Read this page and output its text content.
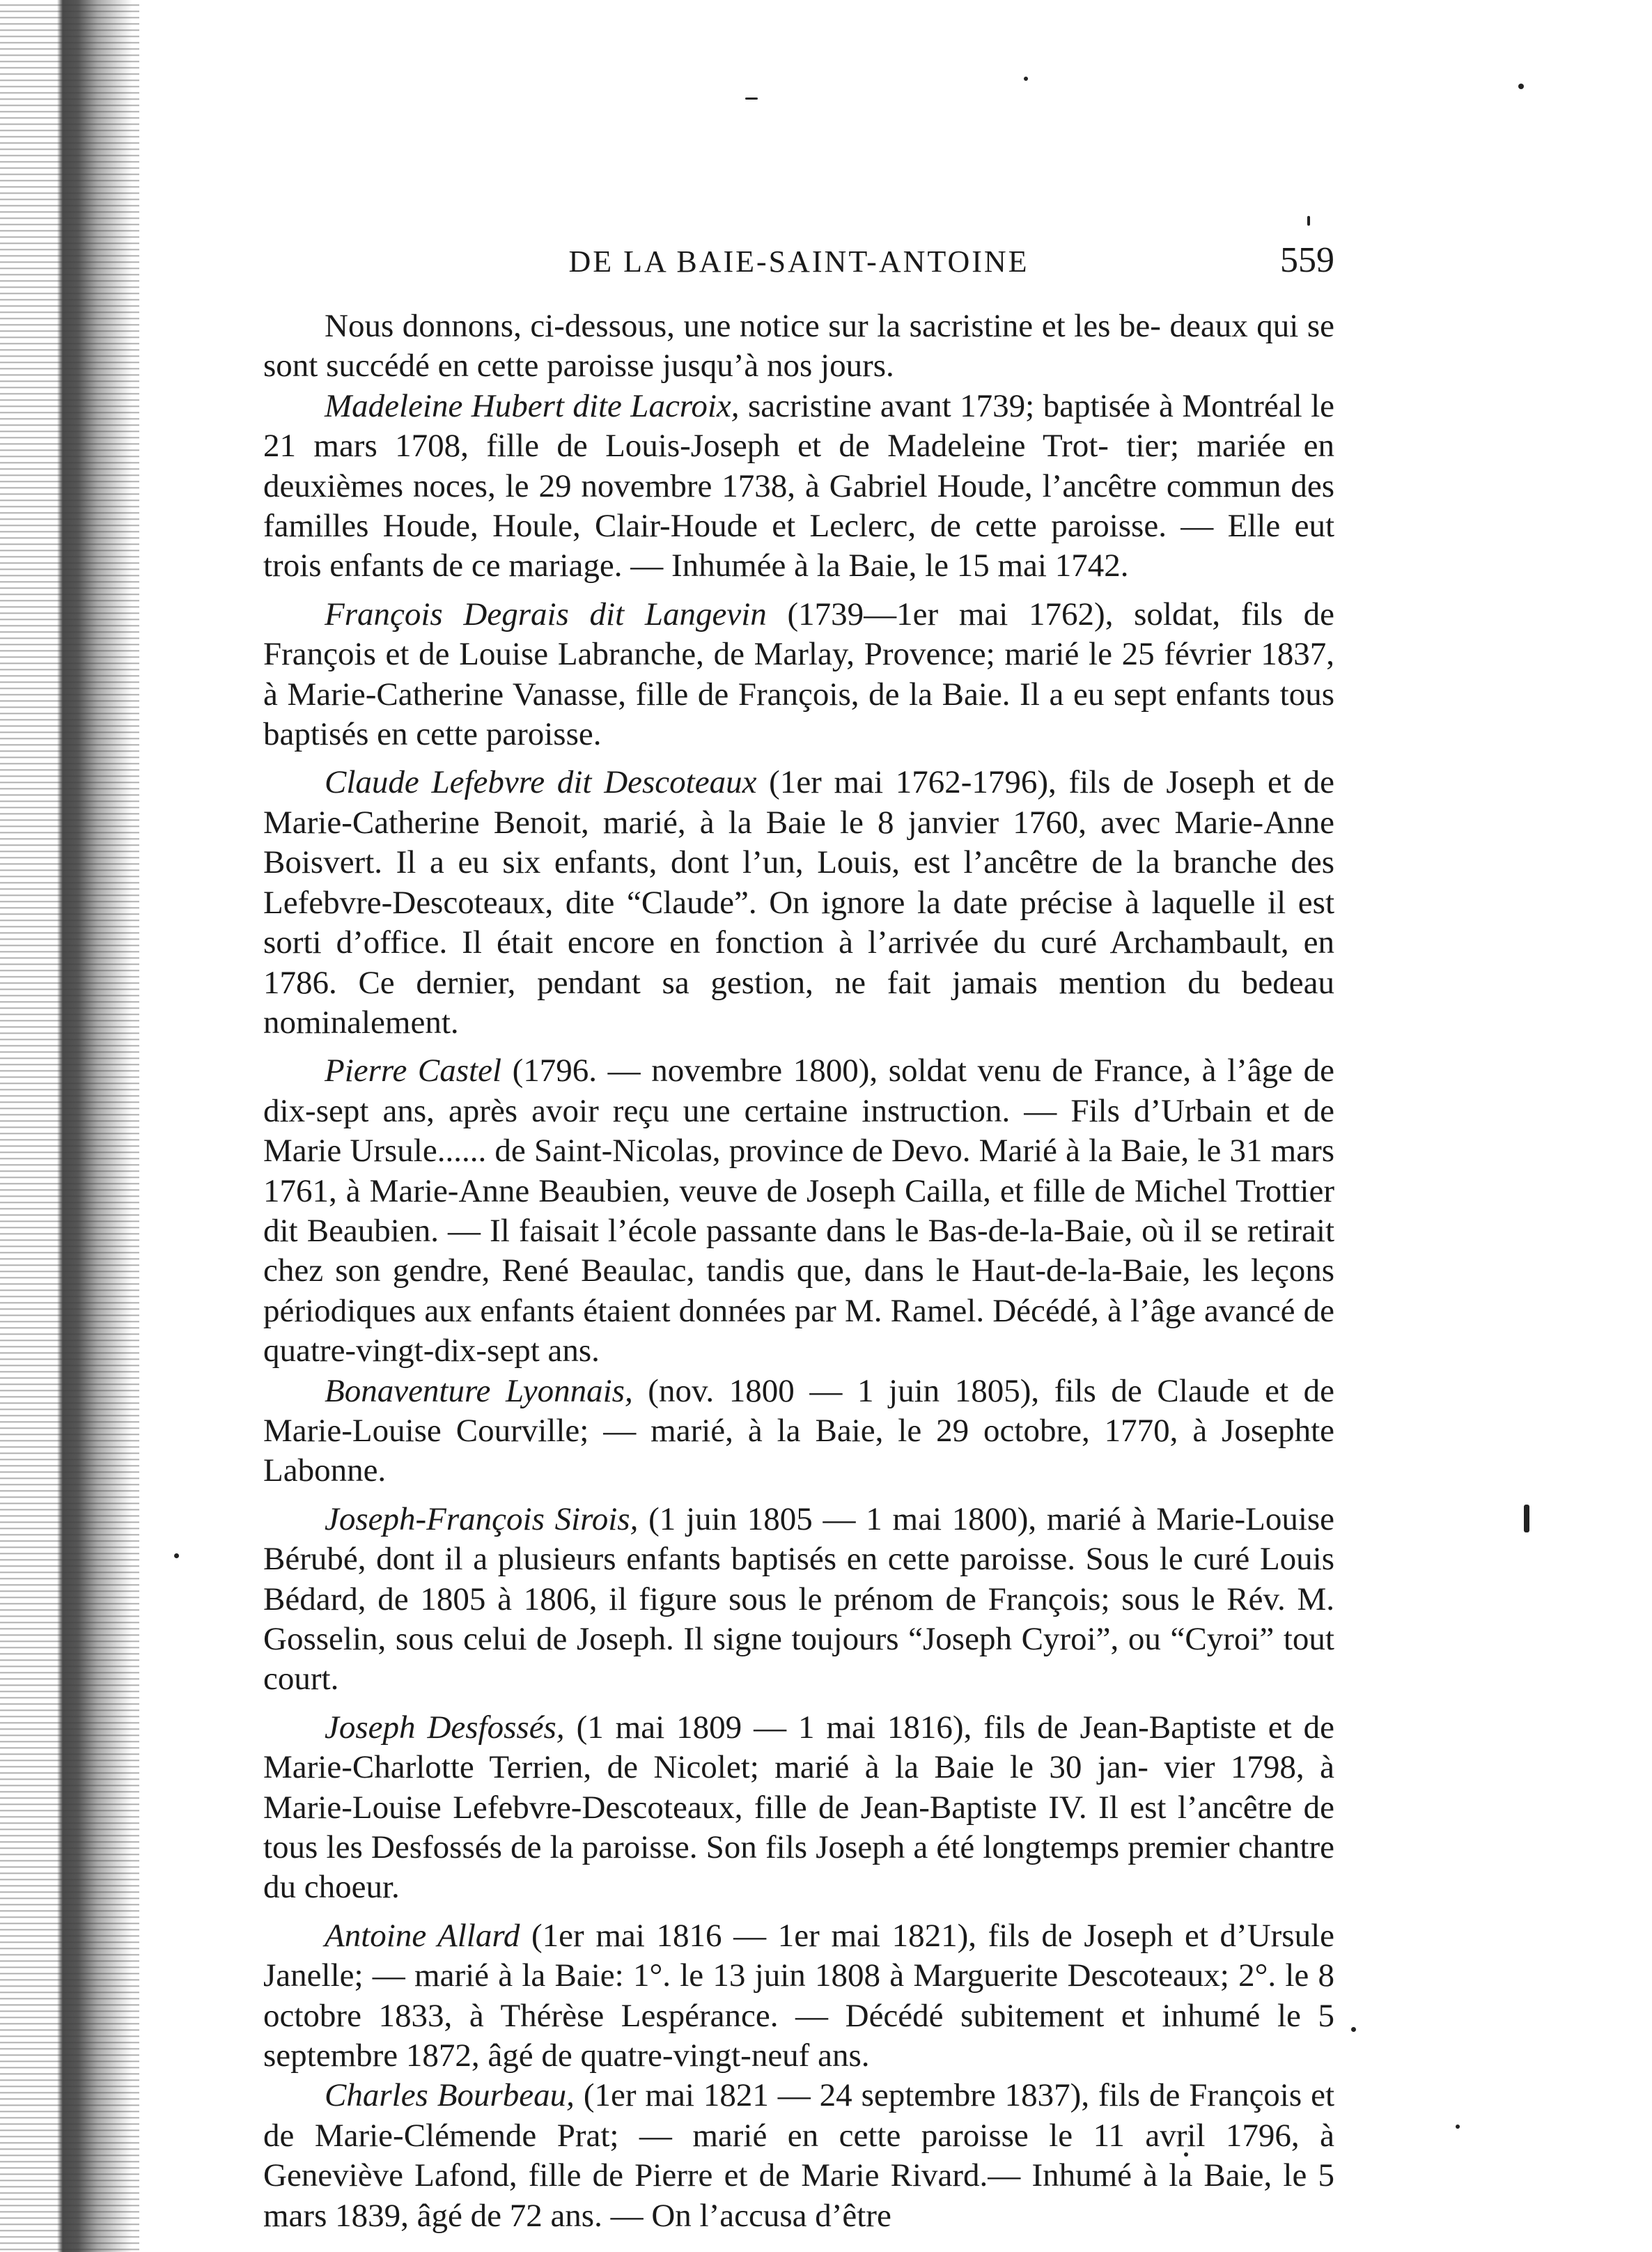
DE LA BAIE-SAINT-ANTOINE	559

Nous donnons, ci-dessous, une notice sur la sacristine et les be- deaux qui se sont succédé en cette paroisse jusqu’à nos jours.

Madeleine Hubert dite Lacroix, sacristine avant 1739; baptisée à Montréal le 21 mars 1708, fille de Louis-Joseph et de Madeleine Trot- tier; mariée en deuxièmes noces, le 29 novembre 1738, à Gabriel Houde, l’ancêtre commun des familles Houde, Houle, Clair-Houde et Leclerc, de cette paroisse. — Elle eut trois enfants de ce mariage. — Inhumée à la Baie, le 15 mai 1742.

François Degrais dit Langevin (1739—1er mai 1762), soldat, fils de François et de Louise Labranche, de Marlay, Provence; marié le 25 février 1837, à Marie-Catherine Vanasse, fille de François, de la Baie. Il a eu sept enfants tous baptisés en cette paroisse.

Claude Lefebvre dit Descoteaux (1er mai 1762-1796), fils de Joseph et de Marie-Catherine Benoit, marié, à la Baie le 8 janvier 1760, avec Marie-Anne Boisvert. Il a eu six enfants, dont l’un, Louis, est l’ancêtre de la branche des Lefebvre-Descoteaux, dite “Claude”. On ignore la date précise à laquelle il est sorti d’office. Il était encore en fonction à l’arrivée du curé Archambault, en 1786. Ce dernier, pendant sa gestion, ne fait jamais mention du bedeau nominalement.

Pierre Castel (1796. — novembre 1800), soldat venu de France, à l’âge de dix-sept ans, après avoir reçu une certaine instruction. — Fils d’Urbain et de Marie Ursule...... de Saint-Nicolas, province de Devo. Marié à la Baie, le 31 mars 1761, à Marie-Anne Beaubien, veuve de Joseph Cailla, et fille de Michel Trottier dit Beaubien. — Il faisait l’école passante dans le Bas-de-la-Baie, où il se retirait chez son gendre, René Beaulac, tandis que, dans le Haut-de-la-Baie, les leçons périodiques aux enfants étaient données par M. Ramel. Décédé, à l’âge avancé de quatre-vingt-dix-sept ans.

Bonaventure Lyonnais, (nov. 1800 — 1 juin 1805), fils de Claude et de Marie-Louise Courville; — marié, à la Baie, le 29 octobre, 1770, à Josephte Labonne.

Joseph-François Sirois, (1 juin 1805 — 1 mai 1800), marié à Marie-Louise Bérubé, dont il a plusieurs enfants baptisés en cette paroisse. Sous le curé Louis Bédard, de 1805 à 1806, il figure sous le prénom de François; sous le Rév. M. Gosselin, sous celui de Joseph. Il signe toujours “Joseph Cyroi”, ou “Cyroi” tout court.

Joseph Desfossés, (1 mai 1809 — 1 mai 1816), fils de Jean-Baptiste et de Marie-Charlotte Terrien, de Nicolet; marié à la Baie le 30 jan- vier 1798, à Marie-Louise Lefebvre-Descoteaux, fille de Jean-Baptiste IV. Il est l’ancêtre de tous les Desfossés de la paroisse. Son fils Joseph a été longtemps premier chantre du choeur.

Antoine Allard (1er mai 1816 — 1er mai 1821), fils de Joseph et d’Ursule Janelle; — marié à la Baie: 1°. le 13 juin 1808 à Marguerite Descoteaux; 2°. le 8 octobre 1833, à Thérèse Lespérance. — Décédé subitement et inhumé le 5 septembre 1872, âgé de quatre-vingt-neuf ans.

Charles Bourbeau, (1er mai 1821 — 24 septembre 1837), fils de François et de Marie-Clémende Prat; — marié en cette paroisse le 11 avril 1796, à Geneviève Lafond, fille de Pierre et de Marie Rivard.— Inhumé à la Baie, le 5 mars 1839, âgé de 72 ans. — On l’accusa d’être
